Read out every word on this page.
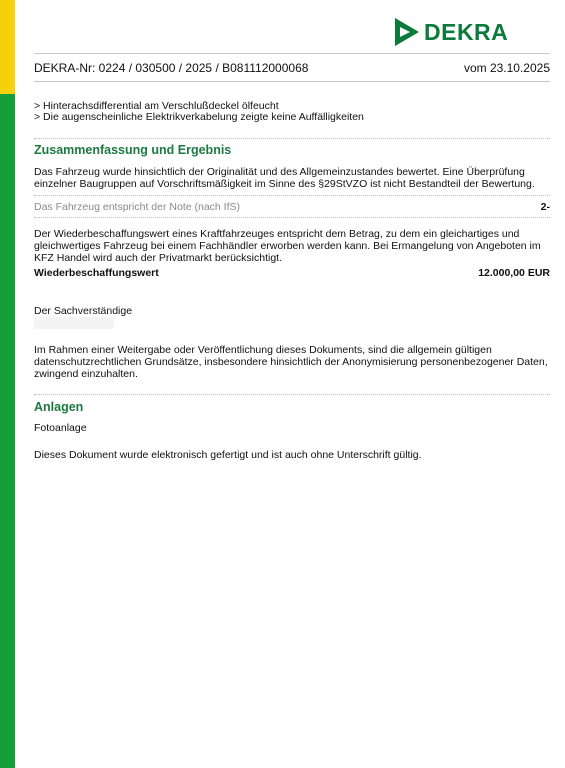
DEKRA
DEKRA-Nr: 0224 / 030500 / 2025 / B081112000068	vom 23.10.2025

> Hinterachsdifferential am Verschlußdeckel ölfeucht

> Die augenscheinliche Elektrikverkabelung zeigte keine Auffälligkeiten

Zusammenfassung und Ergebnis

Das Fahrzeug wurde hinsichtlich der Originalität und des Allgemeinzustandes bewertet. Eine Überprüfung

einzelner Baugruppen auf Vorschriftsmäßigkeit im Sinne des §29StVZO ist nicht Bestandteil der Bewertung.

Das Fahrzeug entspricht der Note (nach IfS)	2-

Der Wiederbeschaffungswert eines Kraftfahrzeuges entspricht dem Betrag, zu dem ein gleichartiges und

gleichwertiges Fahrzeug bei einem Fachhändler erworben werden kann. Bei Ermangelung von Angeboten im

KFZ Handel wird auch der Privatmarkt berücksichtigt.

Wiederbeschaffungswert	12.000,00 EUR

Der Sachverständige

Im Rahmen einer Weitergabe oder Veröffentlichung dieses Dokuments, sind die allgemein gültigen

datenschutzrechtlichen Grundsätze, insbesondere hinsichtlich der Anonymisierung personenbezogener Daten,

zwingend einzuhalten.

Anlagen

Fotoanlage

Dieses Dokument wurde elektronisch gefertigt und ist auch ohne Unterschrift gültig.
